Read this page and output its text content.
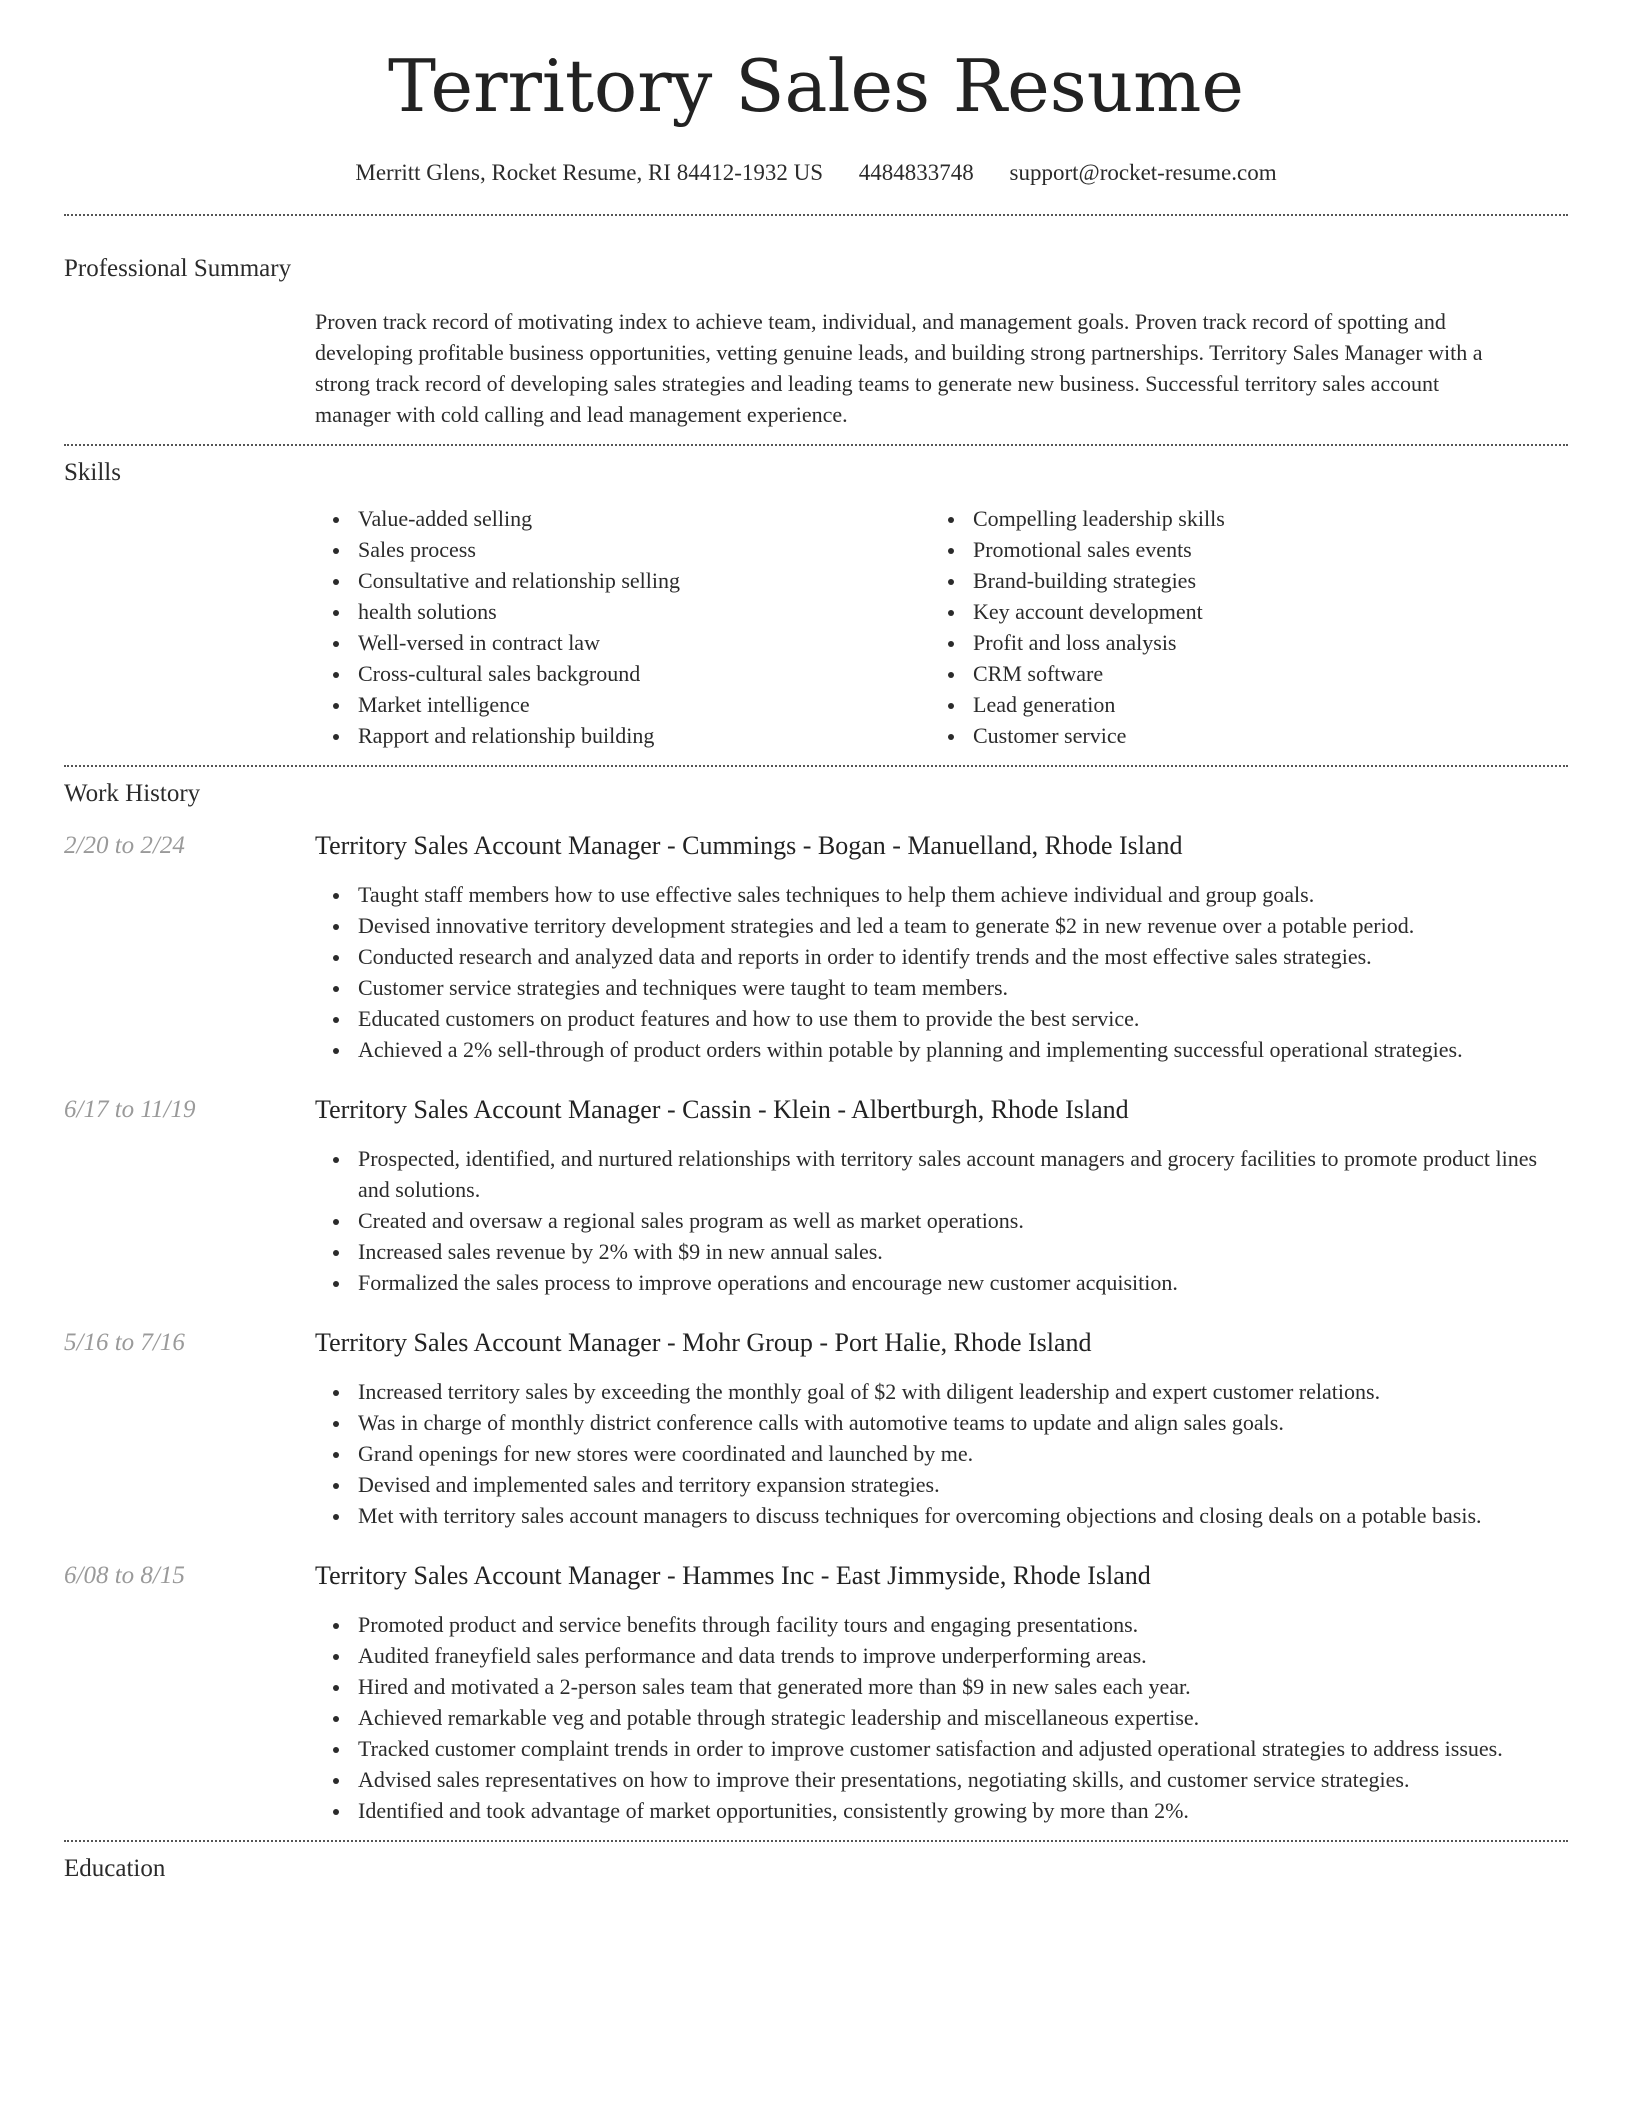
Territory Sales Resume
Merritt Glens, Rocket Resume, RI 84412-1932 US 4484833748 support@rocket-resume.com
Professional Summary

Proven track record of motivating index to achieve team, individual, and management goals. Proven track record of spotting and developing profitable business opportunities, vetting genuine leads, and building strong partnerships. Territory Sales Manager with a strong track record of developing sales strategies and leading teams to generate new business. Successful territory sales account manager with cold calling and lead management experience.

Skills
Value-added selling
Sales process
Consultative and relationship selling
health solutions
Well-versed in contract law
Cross-cultural sales background
Market intelligence
Rapport and relationship building
Compelling leadership skills
Promotional sales events
Brand-building strategies
Key account development
Profit and loss analysis
CRM software
Lead generation
Customer service
Work History
2/20 to 2/24	Territory Sales Account Manager - Cummings - Bogan - Manuelland, Rhode Island
Taught staff members how to use effective sales techniques to help them achieve individual and group goals.
Devised innovative territory development strategies and led a team to generate $2 in new revenue over a potable period.
Conducted research and analyzed data and reports in order to identify trends and the most effective sales strategies.
Customer service strategies and techniques were taught to team members.
Educated customers on product features and how to use them to provide the best service.
Achieved a 2% sell-through of product orders within potable by planning and implementing successful operational strategies.
6/17 to 11/19	Territory Sales Account Manager - Cassin - Klein - Albertburgh, Rhode Island
Prospected, identified, and nurtured relationships with territory sales account managers and grocery facilities to promote product lines and solutions.
Created and oversaw a regional sales program as well as market operations.
Increased sales revenue by 2% with $9 in new annual sales.
Formalized the sales process to improve operations and encourage new customer acquisition.
5/16 to 7/16	Territory Sales Account Manager - Mohr Group - Port Halie, Rhode Island
Increased territory sales by exceeding the monthly goal of $2 with diligent leadership and expert customer relations.
Was in charge of monthly district conference calls with automotive teams to update and align sales goals.
Grand openings for new stores were coordinated and launched by me.
Devised and implemented sales and territory expansion strategies.
Met with territory sales account managers to discuss techniques for overcoming objections and closing deals on a potable basis.
6/08 to 8/15	Territory Sales Account Manager - Hammes Inc - East Jimmyside, Rhode Island
Promoted product and service benefits through facility tours and engaging presentations.
Audited franeyfield sales performance and data trends to improve underperforming areas.
Hired and motivated a 2-person sales team that generated more than $9 in new sales each year.
Achieved remarkable veg and potable through strategic leadership and miscellaneous expertise.
Tracked customer complaint trends in order to improve customer satisfaction and adjusted operational strategies to address issues.
Advised sales representatives on how to improve their presentations, negotiating skills, and customer service strategies.
Identified and took advantage of market opportunities, consistently growing by more than 2%.
Education
